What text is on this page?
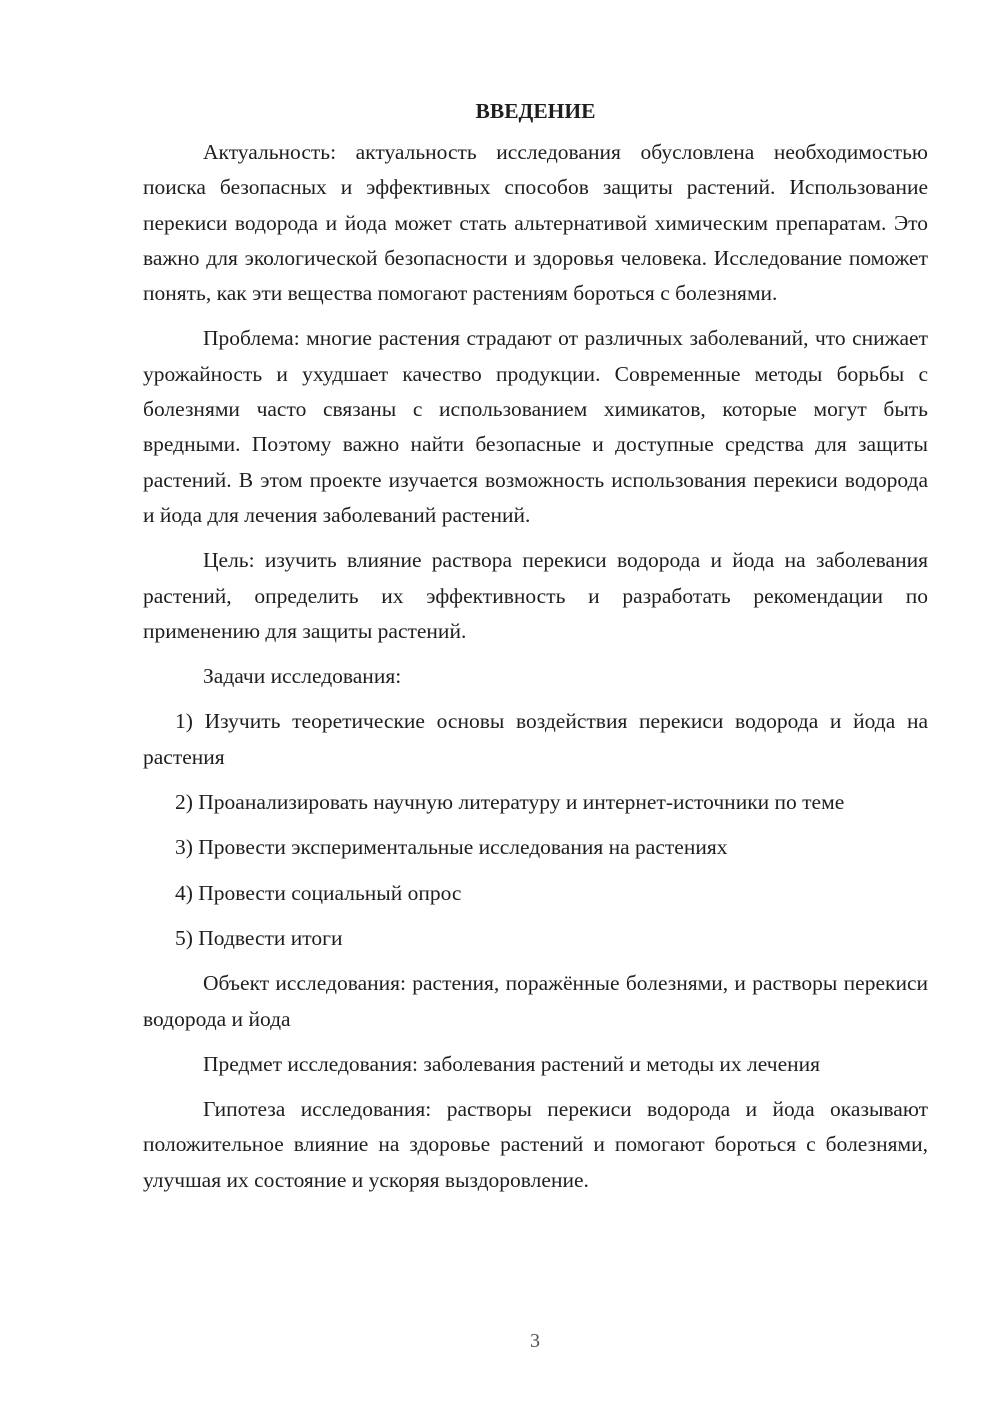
ВВЕДЕНИЕ

Актуальность: актуальность исследования обусловлена необходимостью поиска безопасных и эффективных способов защиты растений. Использование перекиси водорода и йода может стать альтернативой химическим препаратам. Это важно для экологической безопасности и здоровья человека. Исследование поможет понять, как эти вещества помогают растениям бороться с болезнями.

Проблема: многие растения страдают от различных заболеваний, что снижает урожайность и ухудшает качество продукции. Современные методы борьбы с болезнями часто связаны с использованием химикатов, которые могут быть вредными. Поэтому важно найти безопасные и доступные средства для защиты растений. В этом проекте изучается возможность использования перекиси водорода и йода для лечения заболеваний растений.

Цель: изучить влияние раствора перекиси водорода и йода на заболевания растений, определить их эффективность и разработать рекомендации по применению для защиты растений.

Задачи исследования:

1) Изучить теоретические основы воздействия перекиси водорода и йода на растения

2) Проанализировать научную литературу и интернет-источники по теме

3) Провести экспериментальные исследования на растениях

4) Провести социальный опрос

5) Подвести итоги

Объект исследования: растения, поражённые болезнями, и растворы перекиси водорода и йода

Предмет исследования: заболевания растений и методы их лечения

Гипотеза исследования: растворы перекиси водорода и йода оказывают положительное влияние на здоровье растений и помогают бороться с болезнями, улучшая их состояние и ускоряя выздоровление.

3
